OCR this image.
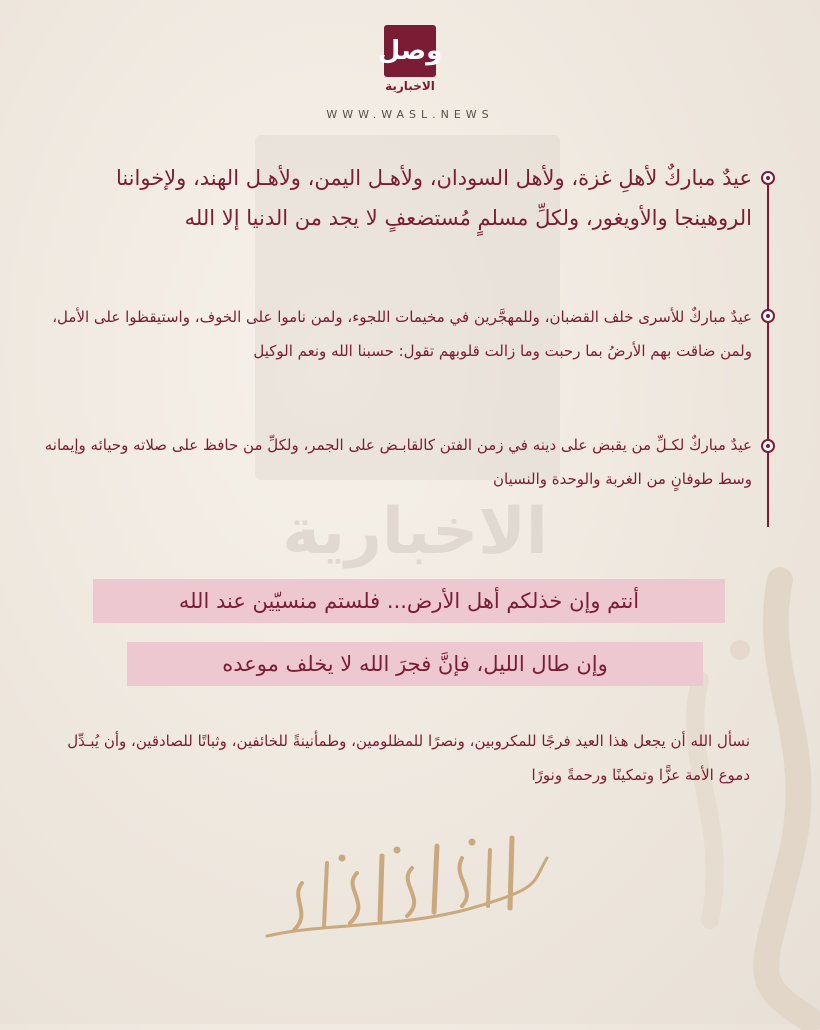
الاخبارية
وصل
الاخبارية
WWW.WASL.NEWS
عيدٌ مباركٌ لأهلِ غزة، ولأهل السودان، ولأهـل اليمن، ولأهـل الهند، ولإخواننا الروهينجا والأويغور، ولكلِّ مسلمٍ مُستضعفٍ لا يجد من الدنيا إلا الله
عيدٌ مباركٌ للأسرى خلف القضبان، وللمهجَّرين في مخيمات اللجوء، ولمن ناموا على الخوف، واستيقظوا على الأمل، ولمن ضاقت بهم الأرضُ بما رحبت وما زالت قلوبهم تقول: حسبنا الله ونعم الوكيل
عيدٌ مباركٌ لكـلِّ من يقبض على دينه في زمن الفتن كالقابـض على الجمر، ولكلِّ من حافظ على صلاته وحيائه وإيمانه وسط طوفانٍ من الغربة والوحدة والنسيان
أنتم وإن خذلكم أهل الأرض... فلستم منسيّين عند الله
وإن طال الليل، فإنَّ فجرَ الله لا يخلف موعده
نسأل الله أن يجعل هذا العيد فرجًا للمكروبين، ونصرًا للمظلومين، وطمأنينةً للخائفين، وثباتًا للصادقين، وأن يُبـدِّل دموع الأمة عزًّا وتمكينًا ورحمةً ونورًا
